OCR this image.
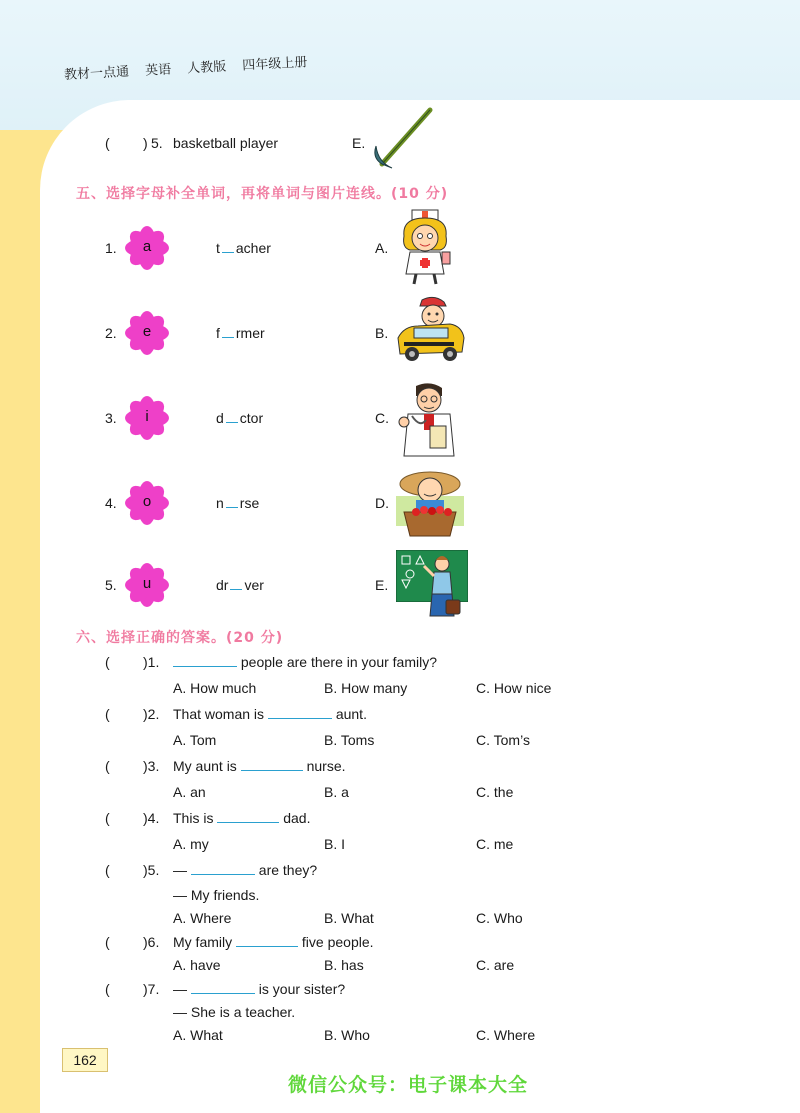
教材一点通 英语 人教版 四年级上册
( ) 5. basketball player	E.
五、选择字母补全单词，再将单词与图片连线。(10 分)
1.	a	t acher	A.
2.	e	f rmer	B.
3.	i	d ctor	C.
4.	o	n rse	D.
5.	u	dr ver	E.
六、选择正确的答案。(20 分)
( )1.	people are there in your family?
A. How much	B. How many	C. How nice
( )2. That woman is	aunt.
A. Tom	B. Toms	C. Tom’s
( )3. My aunt is	nurse.
A. an	B. a	C. the
( )4. This is	dad.
A. my	B. I	C. me
( )5. —	are they?
— My friends.
A. Where	B. What	C. Who
( )6. My family	five people.
A. have	B. has	C. are
( )7. —	is your sister?
— She is a teacher.
A. What	B. Who	C. Where
162
微信公众号：电子课本大全
